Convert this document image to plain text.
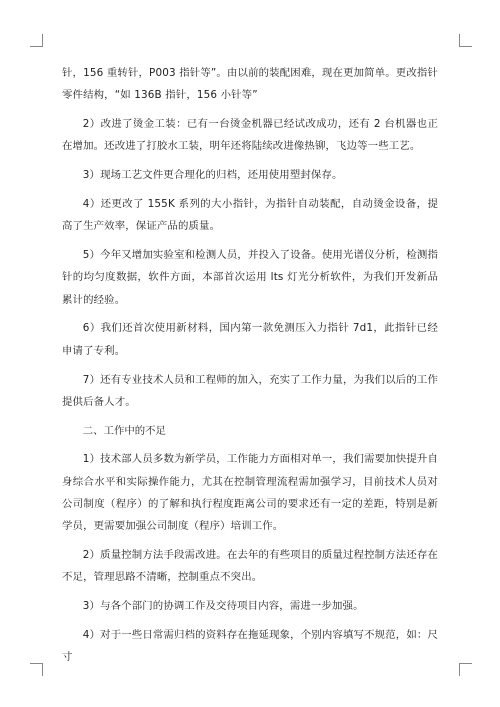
针，156 重转针，P003 指针等”。由以前的装配困难，现在更加简单。更改指针零件结构，“如 136B 指针，156 小针等”

2）改进了烫金工装：已有一台烫金机器已经试改成功，还有 2 台机器也正在增加。还改进了打胶水工装，明年还将陆续改进像热铆，飞边等一些工艺。

3）现场工艺文件更合理化的归档，还用使用塑封保存。

4）还更改了 155K 系列的大小指针，为指针自动装配，自动烫金设备，提高了生产效率，保证产品的质量。

5）今年又增加实验室和检测人员，并投入了设备。使用光谱仪分析，检测指针的均匀度数据，软件方面，本部首次运用 lts 灯光分析软件，为我们开发新品累计的经验。

6）我们还首次使用新材料，国内第一款免测压入力指针 7d1，此指针已经申请了专利。

7）还有专业技术人员和工程师的加入，充实了工作力量，为我们以后的工作提供后备人才。

二、工作中的不足

1）技术部人员多数为新学员，工作能力方面相对单一，我们需要加快提升自身综合水平和实际操作能力，尤其在控制管理流程需加强学习，目前技术人员对公司制度（程序）的了解和执行程度距离公司的要求还有一定的差距，特别是新学员，更需要加强公司制度（程序）培训工作。

2）质量控制方法手段需改进。在去年的有些项目的质量过程控制方法还存在不足，管理思路不清晰，控制重点不突出。

3）与各个部门的协调工作及交待项目内容，需进一步加强。

4）对于一些日常需归档的资料存在拖延现象，个别内容填写不规范，如：尺寸
